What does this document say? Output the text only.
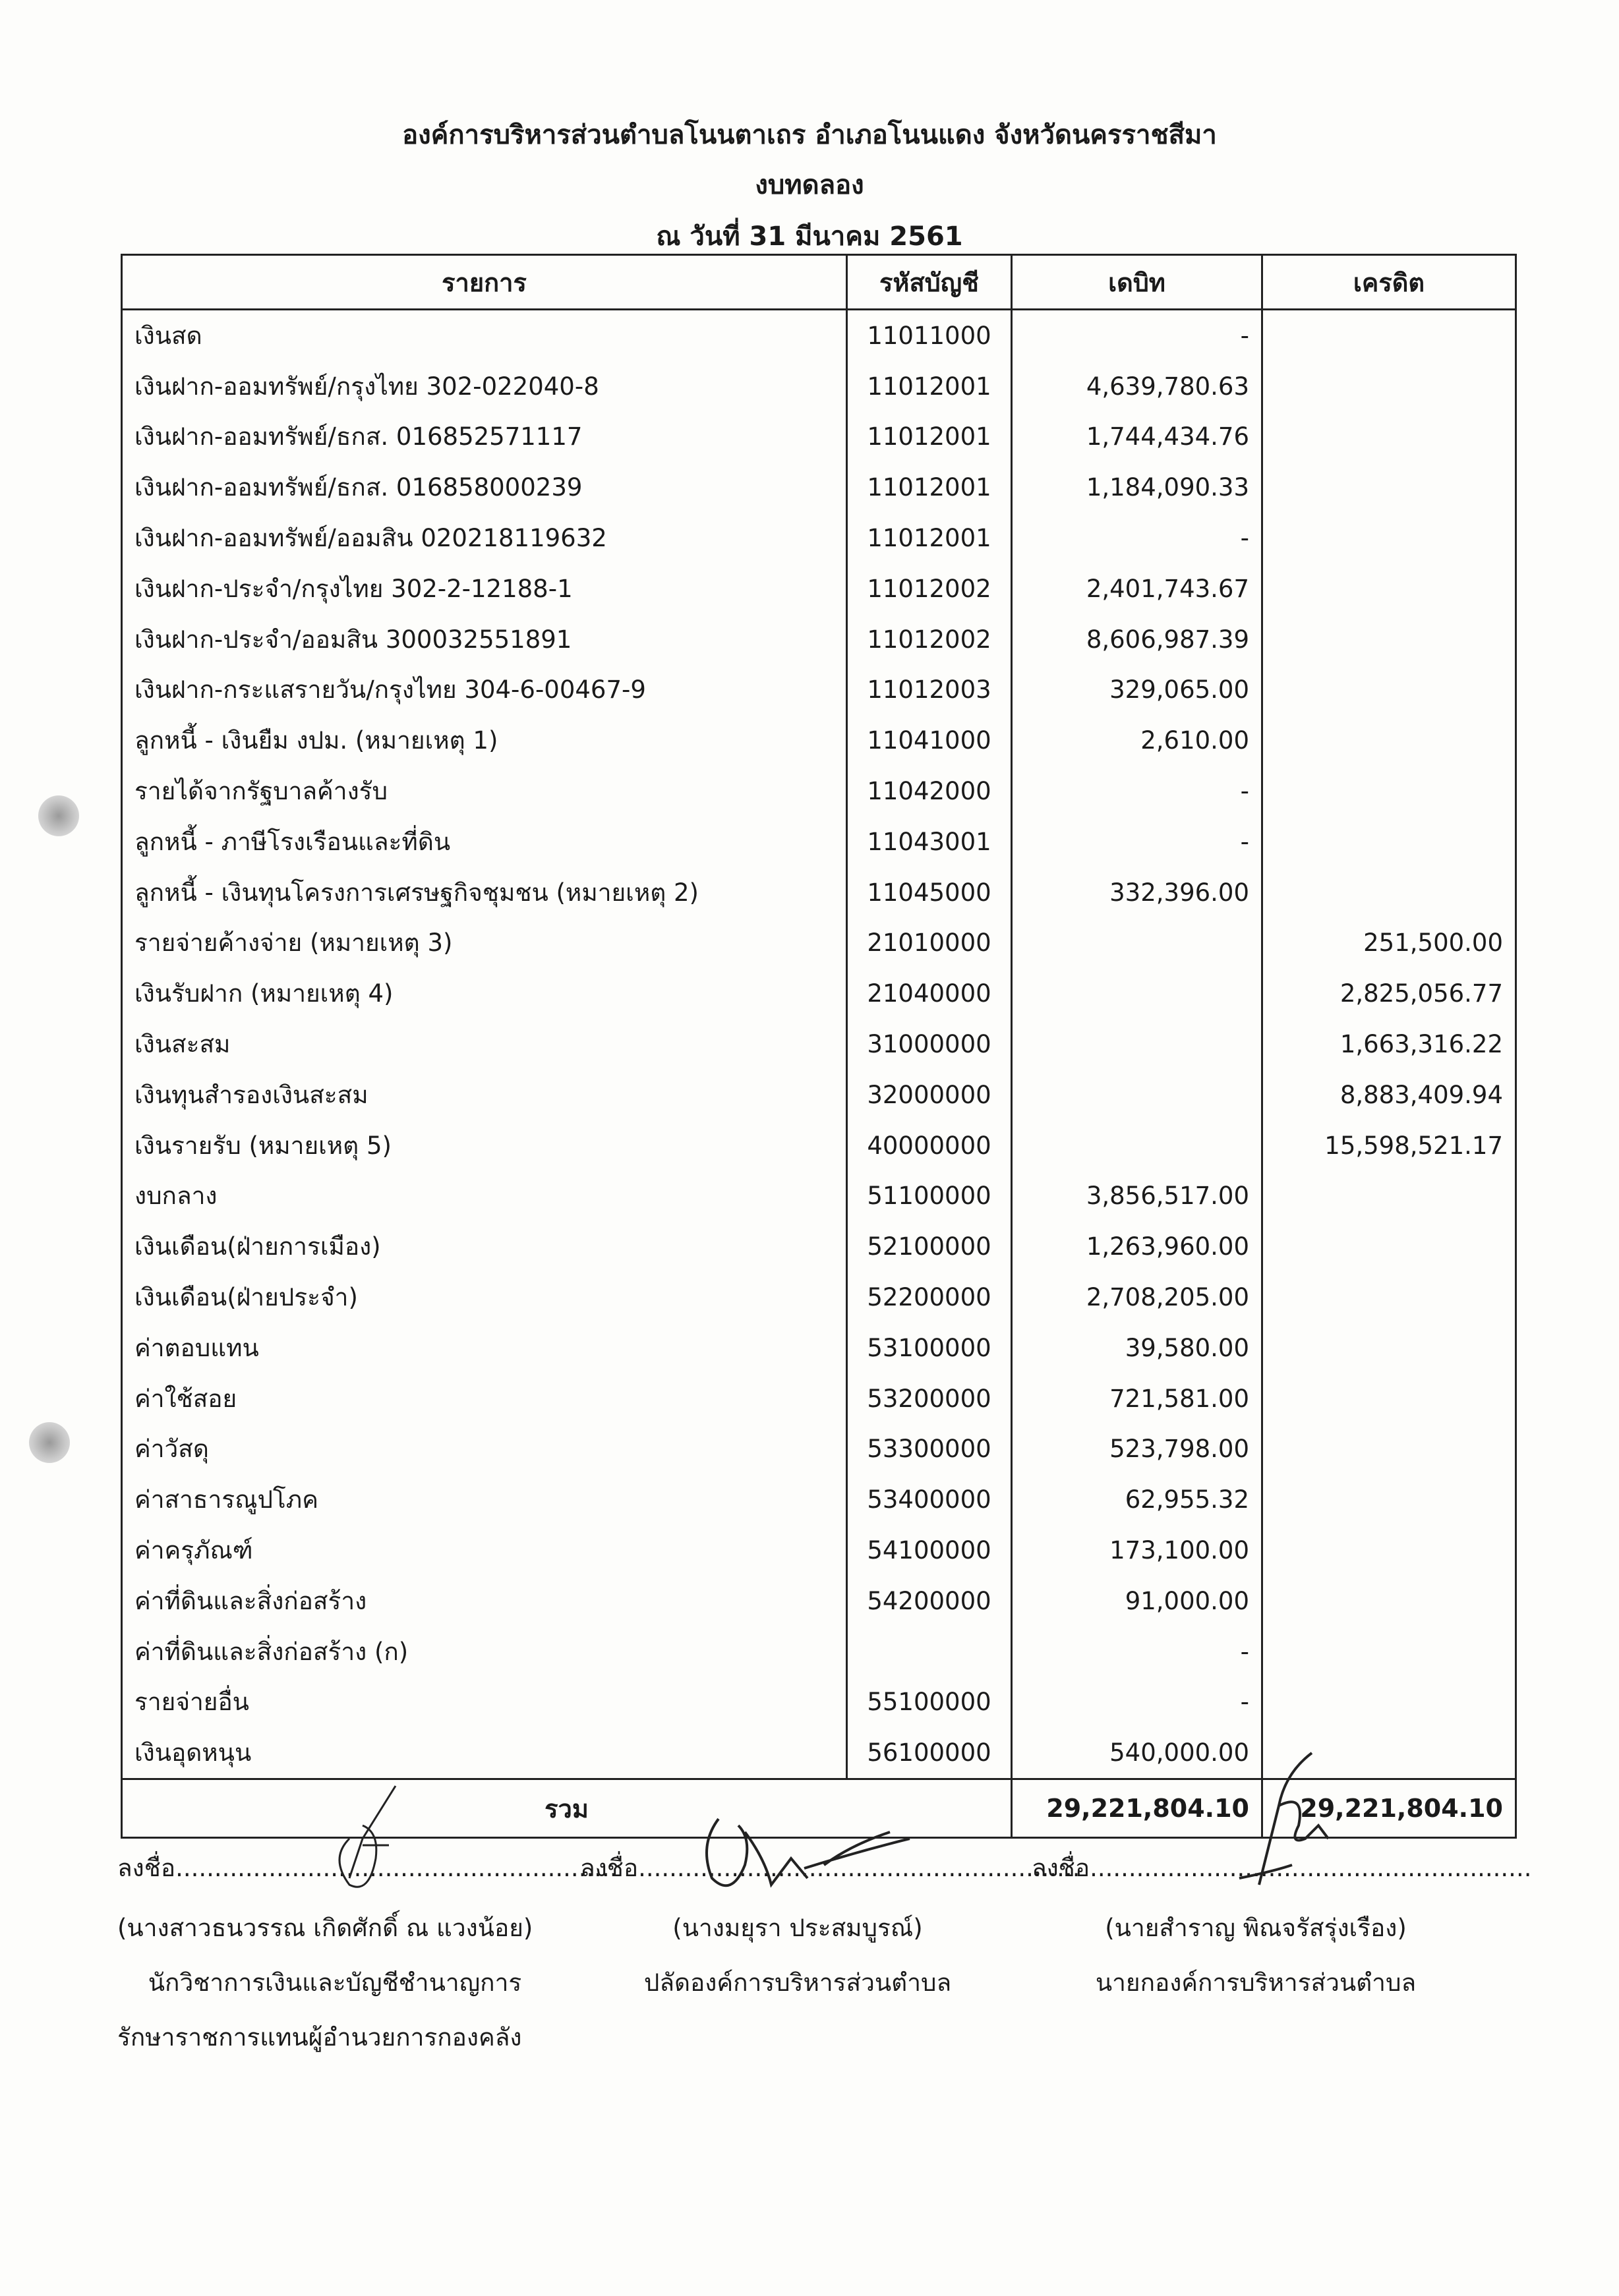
องค์การบริหารส่วนตำบลโนนตาเถร อำเภอโนนแดง จังหวัดนครราชสีมา
งบทดลอง
ณ วันที่ 31 มีนาคม 2561
รายการ	รหัสบัญชี	เดบิท	เครดิต
เงินสด	11011000	-	
เงินฝาก-ออมทรัพย์/กรุงไทย 302-022040-8	11012001	4,639,780.63	
เงินฝาก-ออมทรัพย์/ธกส. 016852571117	11012001	1,744,434.76	
เงินฝาก-ออมทรัพย์/ธกส. 016858000239	11012001	1,184,090.33	
เงินฝาก-ออมทรัพย์/ออมสิน 020218119632	11012001	-	
เงินฝาก-ประจำ/กรุงไทย 302-2-12188-1	11012002	2,401,743.67	
เงินฝาก-ประจำ/ออมสิน 300032551891	11012002	8,606,987.39	
เงินฝาก-กระแสรายวัน/กรุงไทย 304-6-00467-9	11012003	329,065.00	
ลูกหนี้ - เงินยืม งปม. (หมายเหตุ 1)	11041000	2,610.00	
รายได้จากรัฐบาลค้างรับ	11042000	-	
ลูกหนี้ - ภาษีโรงเรือนและที่ดิน	11043001	-	
ลูกหนี้ - เงินทุนโครงการเศรษฐกิจชุมชน (หมายเหตุ 2)	11045000	332,396.00	
รายจ่ายค้างจ่าย (หมายเหตุ 3)	21010000		251,500.00
เงินรับฝาก (หมายเหตุ 4)	21040000		2,825,056.77
เงินสะสม	31000000		1,663,316.22
เงินทุนสำรองเงินสะสม	32000000		8,883,409.94
เงินรายรับ (หมายเหตุ 5)	40000000		15,598,521.17
งบกลาง	51100000	3,856,517.00	
เงินเดือน(ฝ่ายการเมือง)	52100000	1,263,960.00	
เงินเดือน(ฝ่ายประจำ)	52200000	2,708,205.00	
ค่าตอบแทน	53100000	39,580.00	
ค่าใช้สอย	53200000	721,581.00	
ค่าวัสดุ	53300000	523,798.00	
ค่าสาธารณูปโภค	53400000	62,955.32	
ค่าครุภัณฑ์	54100000	173,100.00	
ค่าที่ดินและสิ่งก่อสร้าง	54200000	91,000.00	
ค่าที่ดินและสิ่งก่อสร้าง (ก)		-	
รายจ่ายอื่น	55100000	-	
เงินอุดหนุน	56100000	540,000.00	
รวม		29,221,804.10	29,221,804.10
ลงชื่อ.........................................................
(นางสาวธนวรรณ เกิดศักดิ์ ณ แวงน้อย)
นักวิชาการเงินและบัญชีชำนาญการ
รักษาราชการแทนผู้อำนวยการกองคลัง
ลงชื่อ.........................................................
(นางมยุรา ประสมบูรณ์)
ปลัดองค์การบริหารส่วนตำบล
ลงชื่อ.........................................................
(นายสำราญ พิณจรัสรุ่งเรือง)
นายกองค์การบริหารส่วนตำบล
